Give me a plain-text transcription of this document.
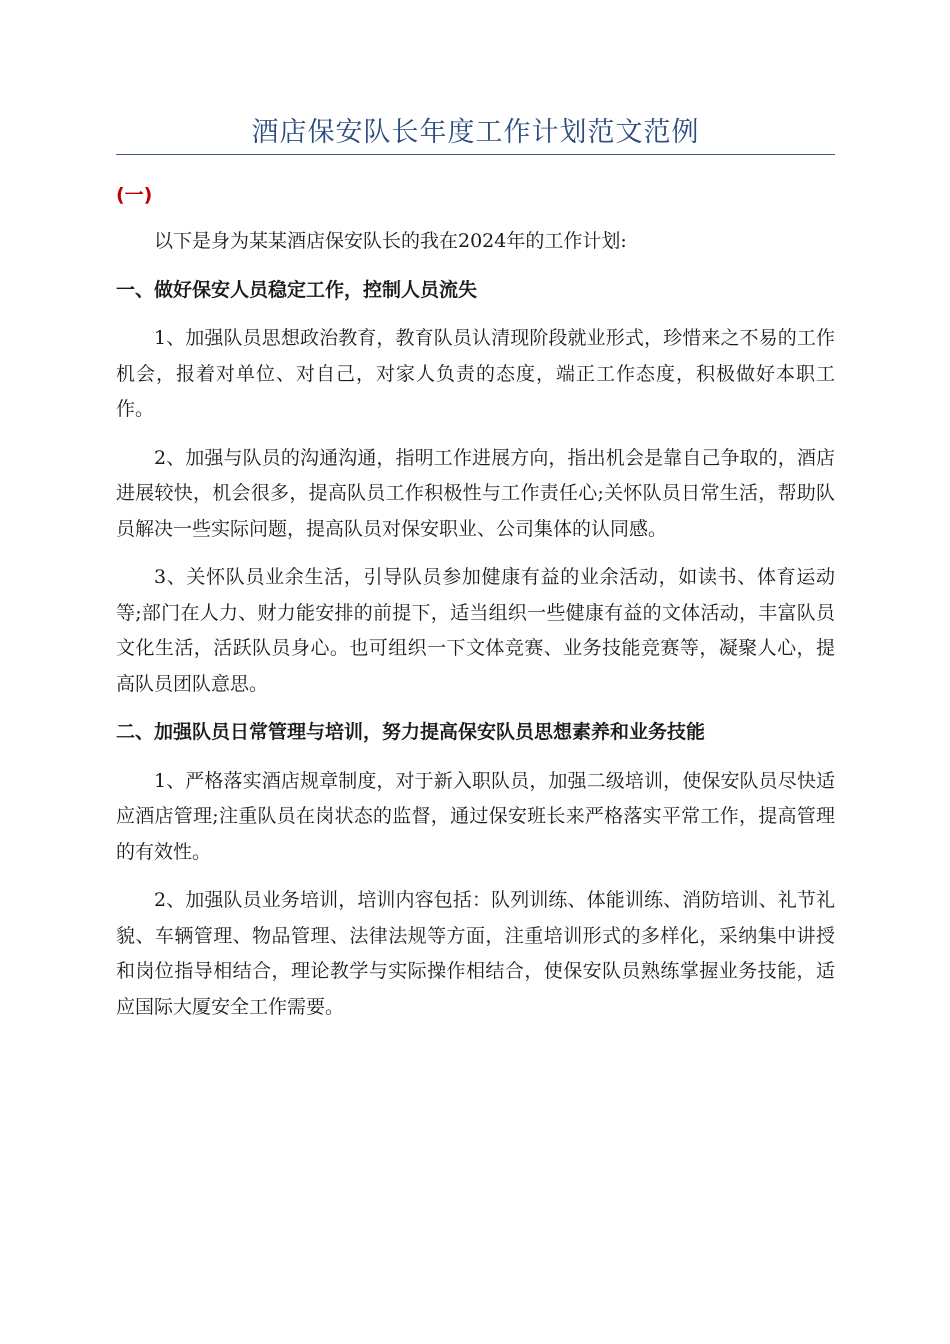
酒店保安队长年度工作计划范文范例
(一)

以下是身为某某酒店保安队长的我在2024年的工作计划:

一、做好保安人员稳定工作，控制人员流失

1、加强队员思想政治教育，教育队员认清现阶段就业形式，珍惜来之不易的工作机会，报着对单位、对自己，对家人负责的态度，端正工作态度，积极做好本职工作。

2、加强与队员的沟通沟通，指明工作进展方向，指出机会是靠自己争取的，酒店进展较快，机会很多，提高队员工作积极性与工作责任心;关怀队员日常生活，帮助队员解决一些实际问题，提高队员对保安职业、公司集体的认同感。

3、关怀队员业余生活，引导队员参加健康有益的业余活动，如读书、体育运动等;部门在人力、财力能安排的前提下，适当组织一些健康有益的文体活动，丰富队员文化生活，活跃队员身心。也可组织一下文体竞赛、业务技能竞赛等，凝聚人心，提高队员团队意思。

二、加强队员日常管理与培训，努力提高保安队员思想素养和业务技能

1、严格落实酒店规章制度，对于新入职队员，加强二级培训，使保安队员尽快适应酒店管理;注重队员在岗状态的监督，通过保安班长来严格落实平常工作，提高管理的有效性。

2、加强队员业务培训，培训内容包括：队列训练、体能训练、消防培训、礼节礼貌、车辆管理、物品管理、法律法规等方面，注重培训形式的多样化，采纳集中讲授和岗位指导相结合，理论教学与实际操作相结合，使保安队员熟练掌握业务技能，适应国际大厦安全工作需要。
